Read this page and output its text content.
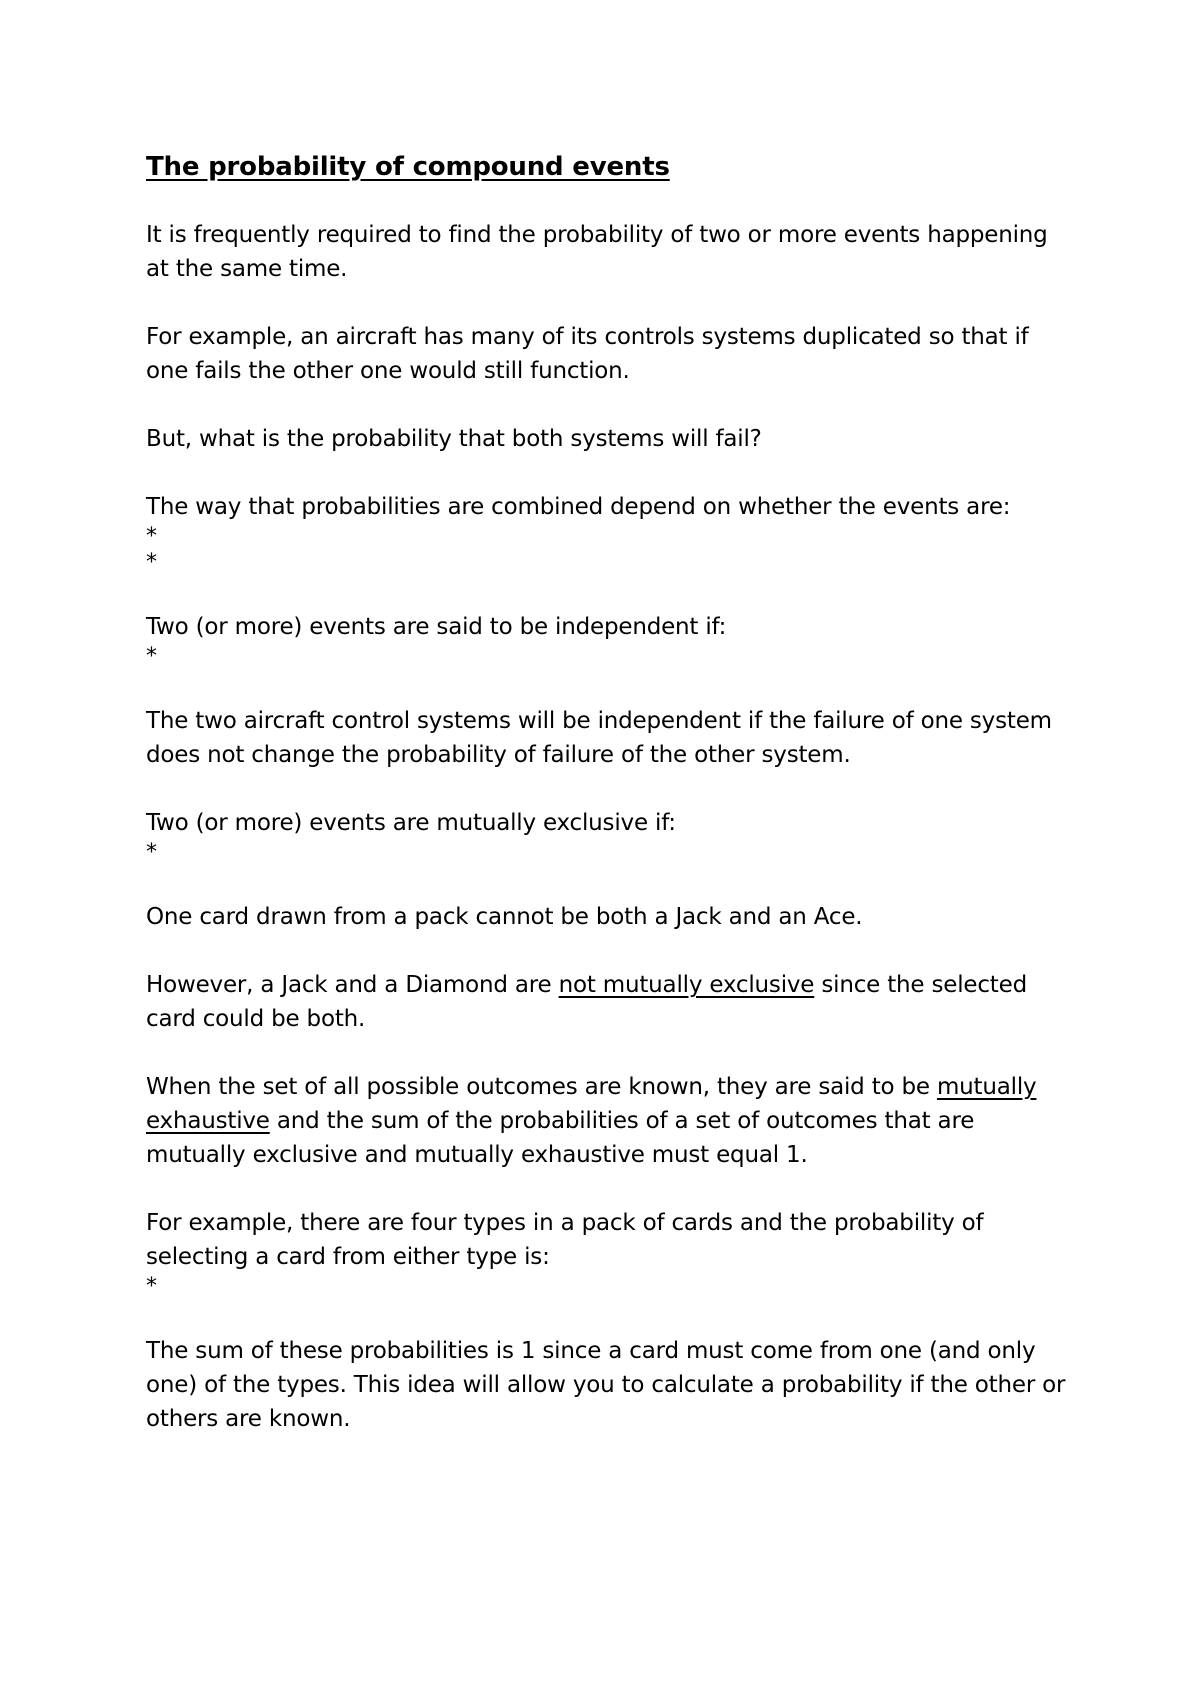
The probability of compound events
It is frequently required to find the probability of two or more events happening at the same time.
For example, an aircraft has many of its controls systems duplicated so that if one fails the other one would still function.
But, what is the probability that both systems will fail?
The way that probabilities are combined depend on whether the events are:
*
*
Two (or more) events are said to be independent if:
*
The two aircraft control systems will be independent if the failure of one system does not change the probability of failure of the other system.
Two (or more) events are mutually exclusive if:
*
One card drawn from a pack cannot be both a Jack and an Ace.
However, a Jack and a Diamond are not mutually exclusive since the selected card could be both.
When the set of all possible outcomes are known, they are said to be mutually exhaustive and the sum of the probabilities of a set of outcomes that are mutually exclusive and mutually exhaustive must equal 1.
For example, there are four types in a pack of cards and the probability of selecting a card from either type is:
*
The sum of these probabilities is 1 since a card must come from one (and only one) of the types. This idea will allow you to calculate a probability if the other or others are known.
